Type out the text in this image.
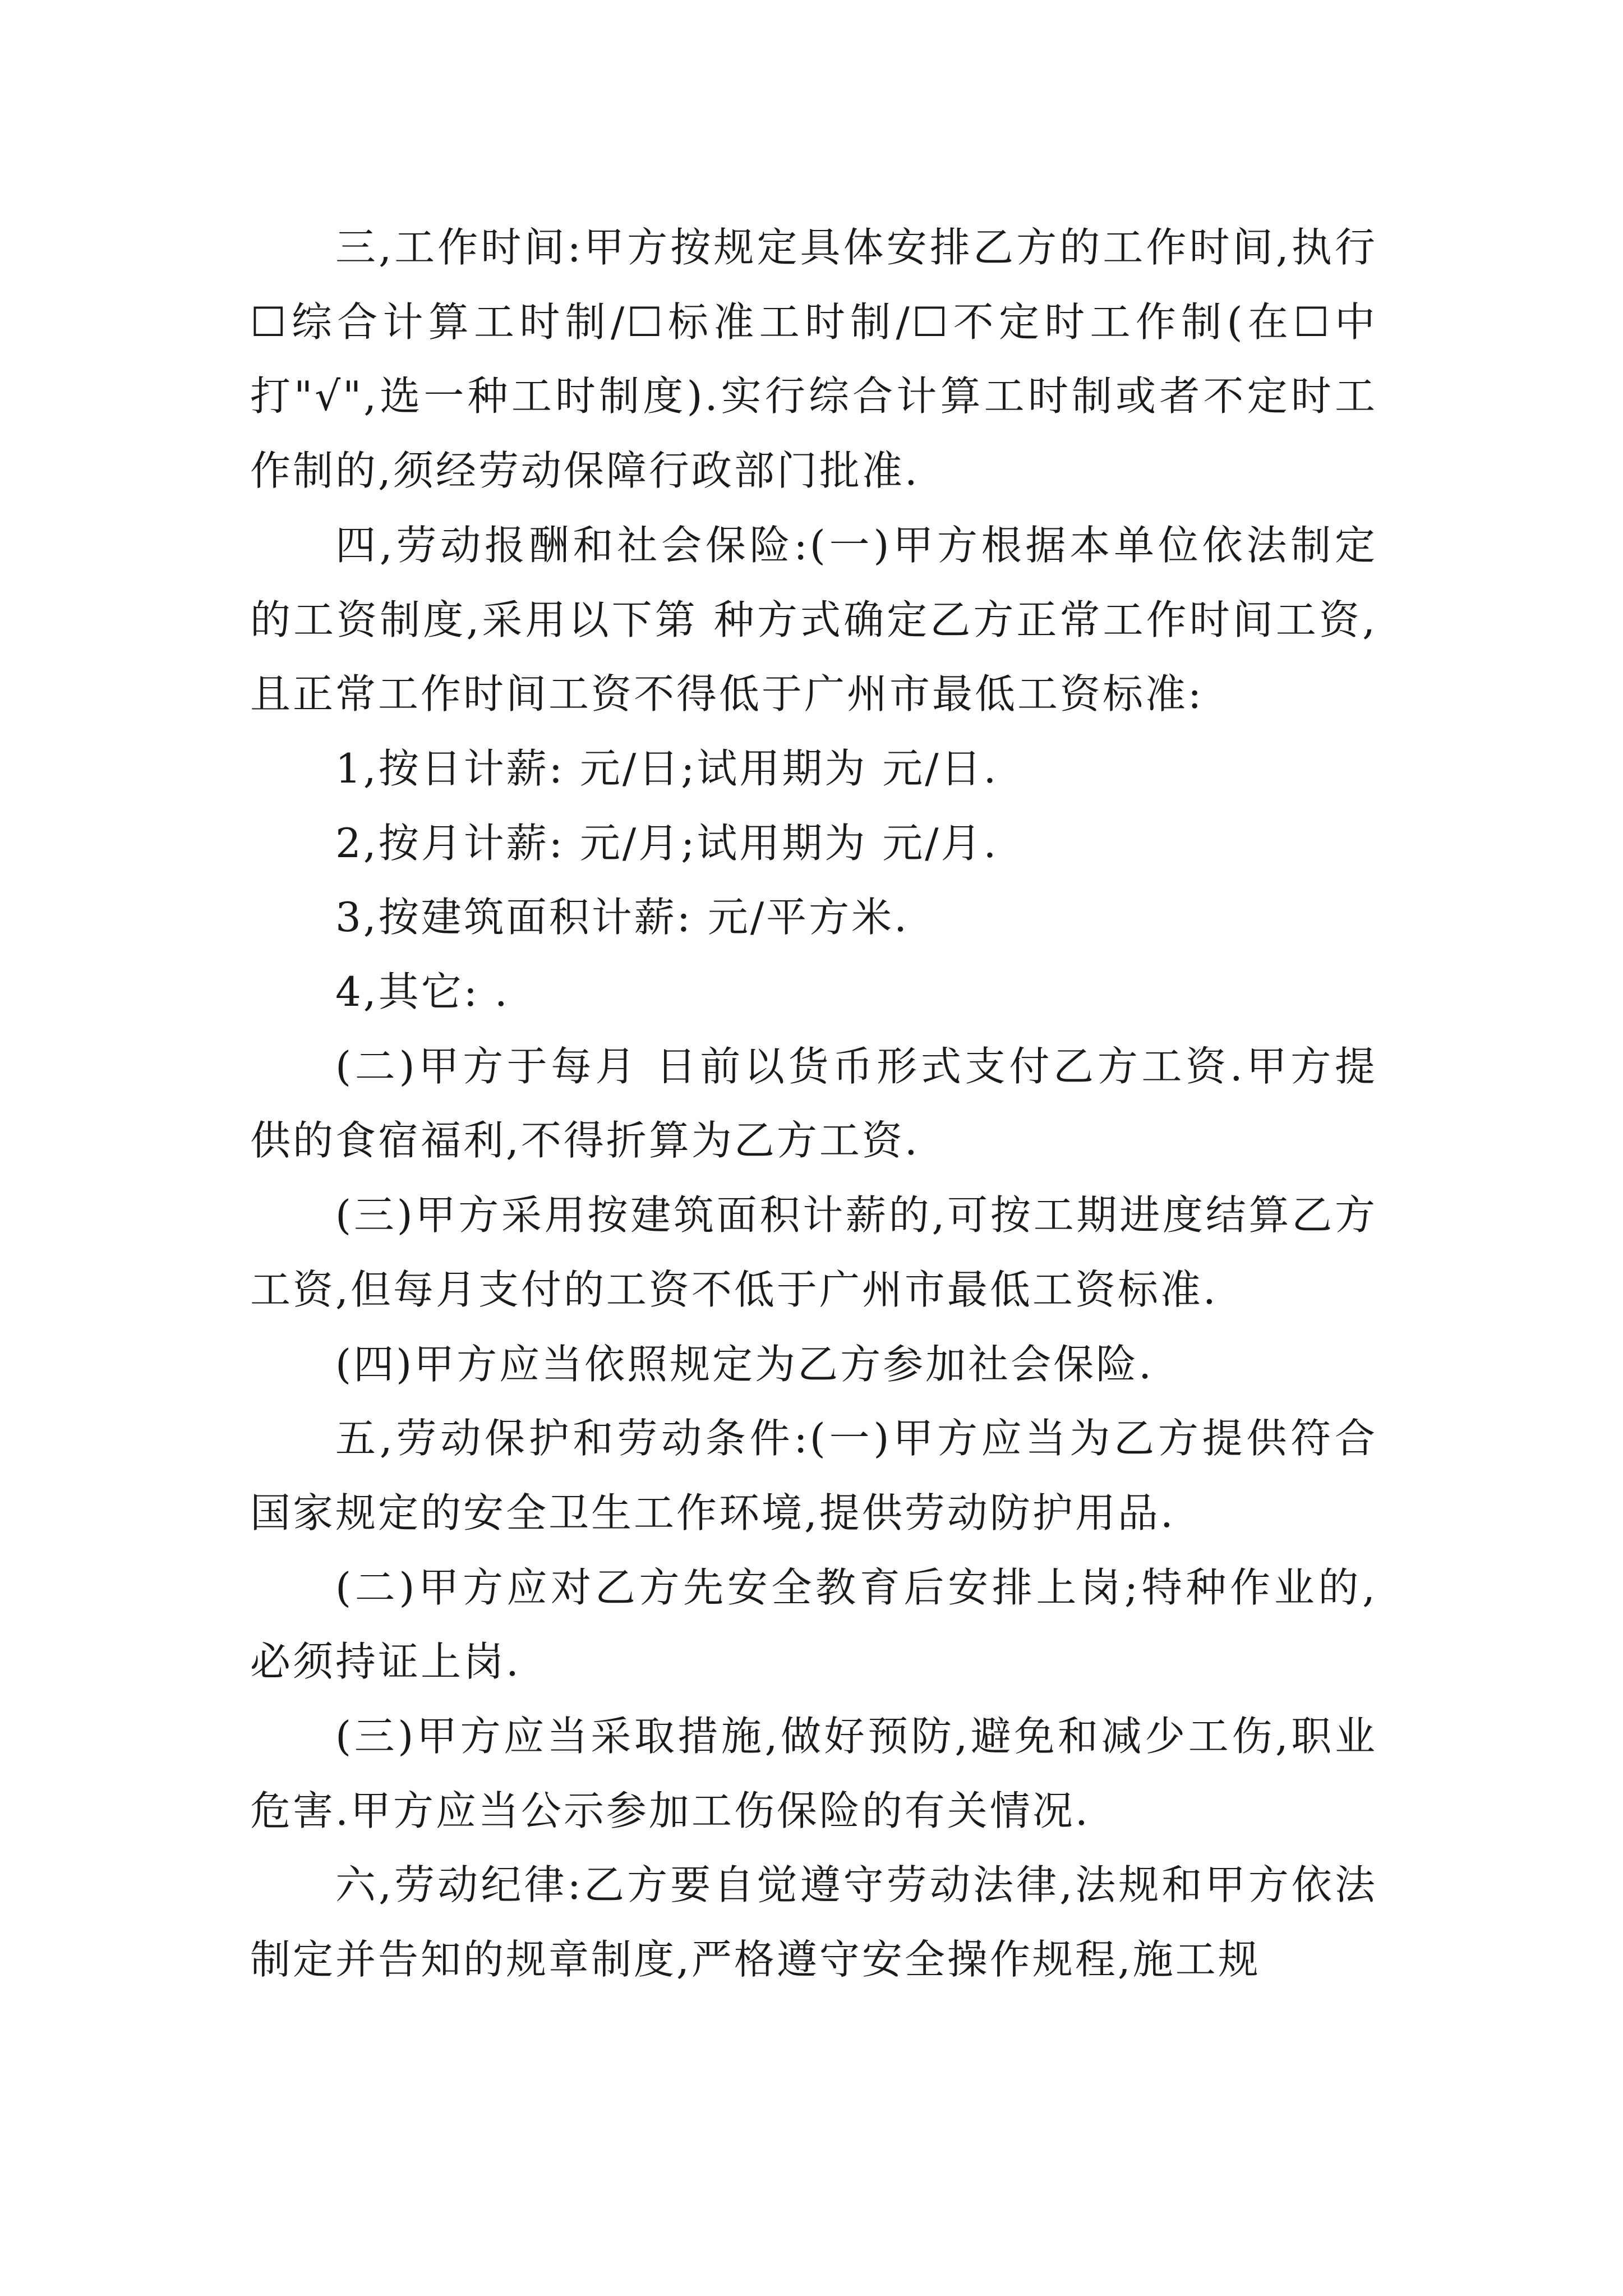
三,工作时间:甲方按规定具体安排乙方的工作时间,执行☐综合计算工时制/☐标准工时制/☐不定时工作制(在☐中打"√",选一种工时制度).实行综合计算工时制或者不定时工作制的,须经劳动保障行政部门批准.

四,劳动报酬和社会保险:(一)甲方根据本单位依法制定的工资制度,采用以下第 种方式确定乙方正常工作时间工资,且正常工作时间工资不得低于广州市最低工资标准:

1,按日计薪: 元/日;试用期为 元/日.

2,按月计薪: 元/月;试用期为 元/月.

3,按建筑面积计薪: 元/平方米.

4,其它: .

(二)甲方于每月 日前以货币形式支付乙方工资.甲方提供的食宿福利,不得折算为乙方工资.

(三)甲方采用按建筑面积计薪的,可按工期进度结算乙方工资,但每月支付的工资不低于广州市最低工资标准.

(四)甲方应当依照规定为乙方参加社会保险.

五,劳动保护和劳动条件:(一)甲方应当为乙方提供符合国家规定的安全卫生工作环境,提供劳动防护用品.

(二)甲方应对乙方先安全教育后安排上岗;特种作业的,必须持证上岗.

(三)甲方应当采取措施,做好预防,避免和减少工伤,职业危害.甲方应当公示参加工伤保险的有关情况.

六,劳动纪律:乙方要自觉遵守劳动法律,法规和甲方依法制定并告知的规章制度,严格遵守安全操作规程,施工规
